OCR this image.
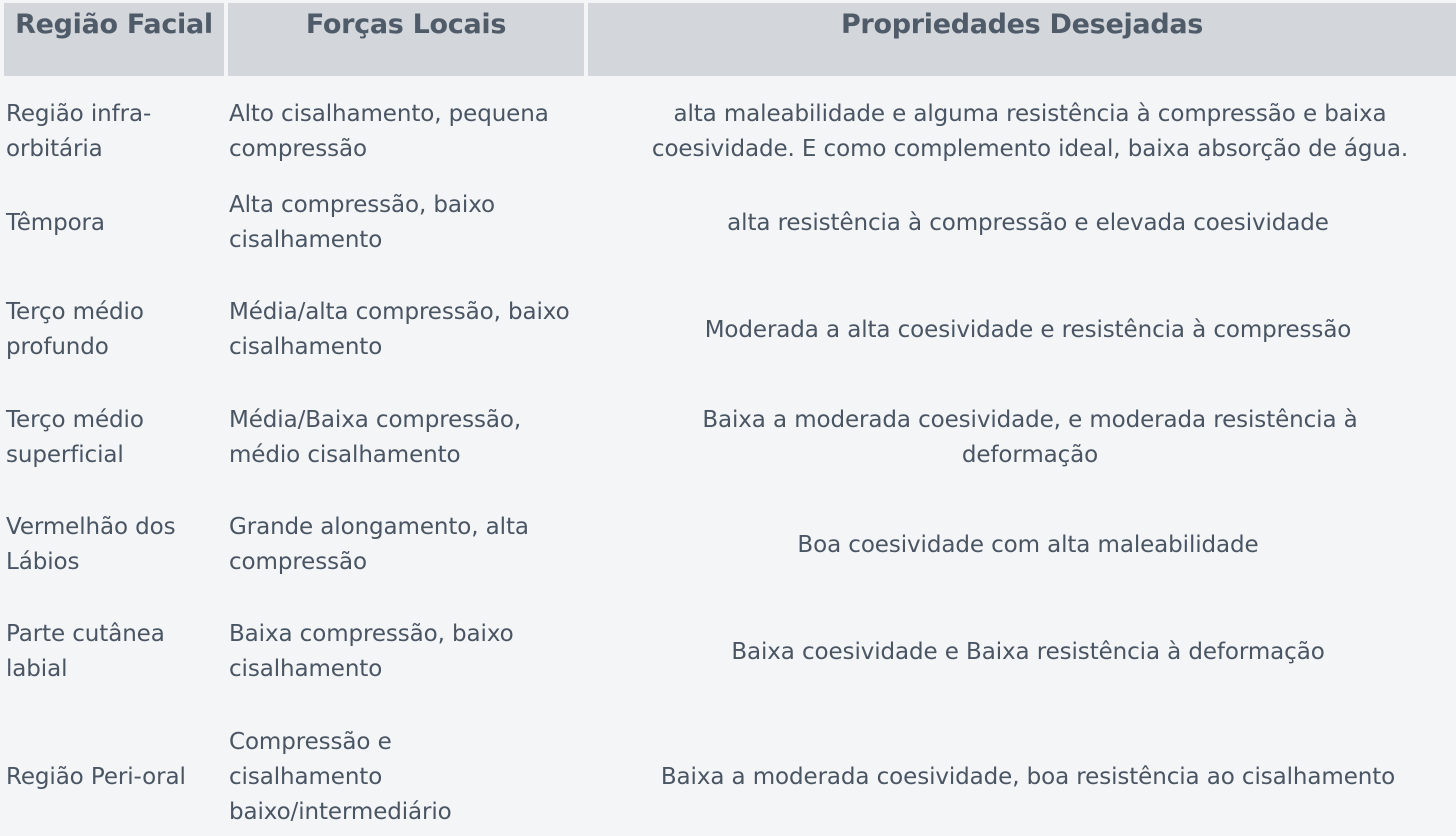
Região Facial	Forças Locais	Propriedades Desejadas
Região infra-orbitária
Alto cisalhamento, pequena compressão
alta maleabilidade e alguma resistência à compressão e baixa coesividade. E como complemento ideal, baixa absorção de água.
Têmpora
Alta compressão, baixo cisalhamento
alta resistência à compressão e elevada coesividade
Terço médio profundo
Média/alta compressão, baixo cisalhamento
Moderada a alta coesividade e resistência à compressão
Terço médio superficial
Média/Baixa compressão, médio cisalhamento
Baixa a moderada coesividade, e moderada resistência à deformação
Vermelhão dos Lábios
Grande alongamento, alta compressão
Boa coesividade com alta maleabilidade
Parte cutânea labial
Baixa compressão, baixo cisalhamento
Baixa coesividade e Baixa resistência à deformação
Região Peri-oral
Compressão e cisalhamento baixo/intermediário
Baixa a moderada coesividade, boa resistência ao cisalhamento
